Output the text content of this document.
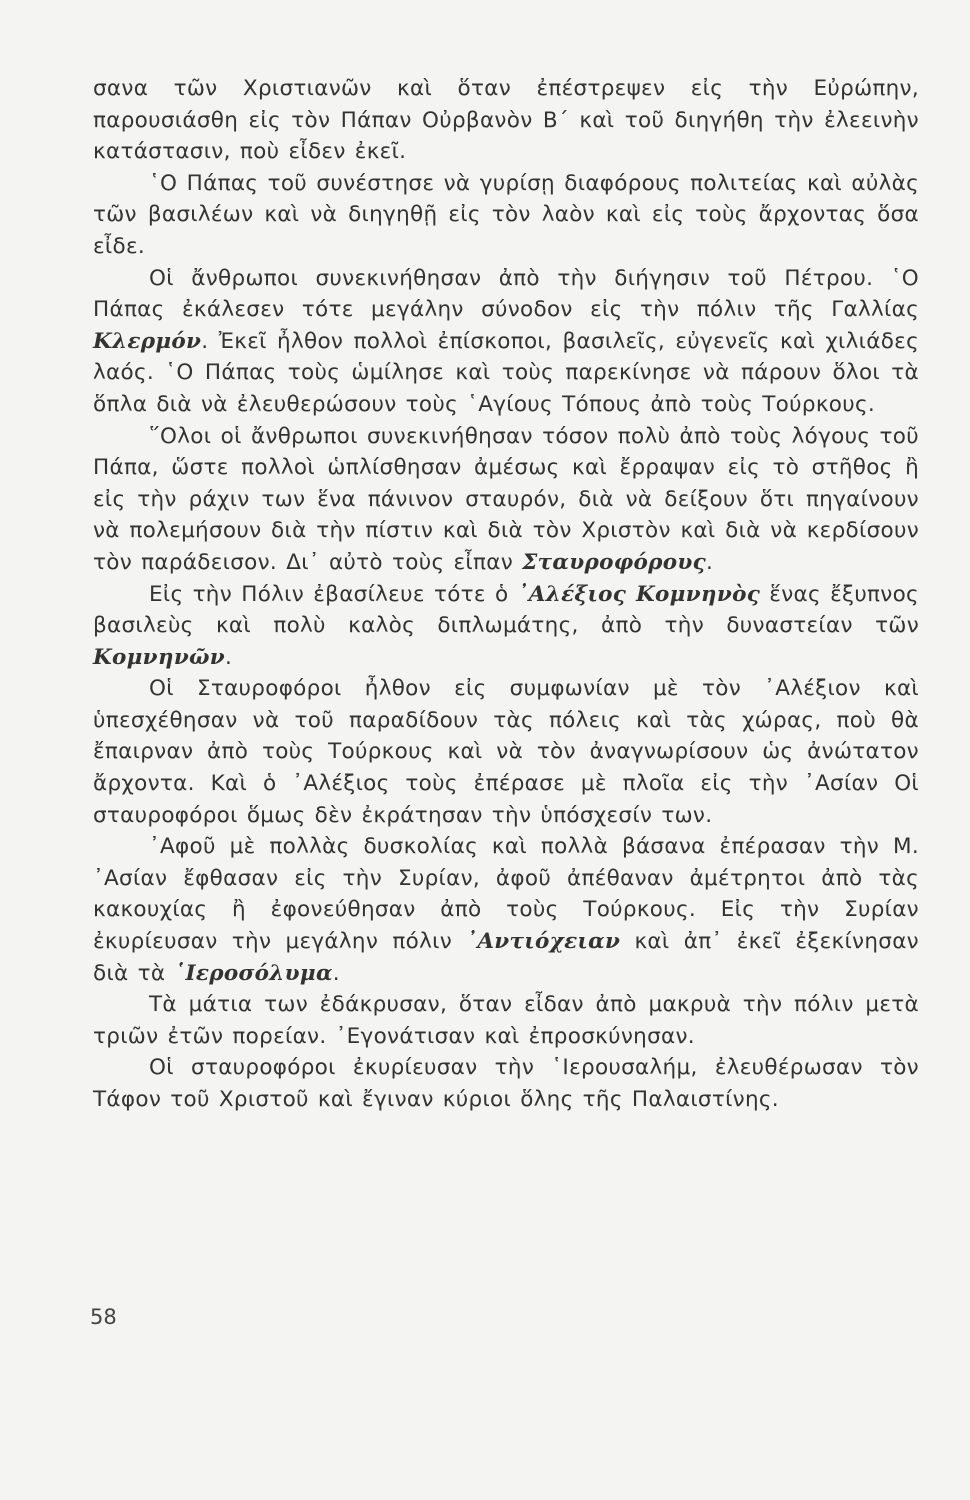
σανα τῶν Χριστιανῶν καὶ ὅταν ἐπέστρεψεν εἰς τὴν Εὐρώπην, παρουσιάσθη εἰς τὸν Πάπαν Οὐρβανὸν Β΄ καὶ τοῦ διηγήθη τὴν ἐλεεινὴν κατάστασιν, ποὺ εἶδεν ἐκεῖ.

῾Ο Πάπας τοῦ συνέστησε νὰ γυρίσῃ διαφόρους πολιτείας καὶ αὐλὰς τῶν βασιλέων καὶ νὰ διηγηθῇ εἰς τὸν λαὸν καὶ εἰς τοὺς ἄρχοντας ὅσα εἶδε.

Οἱ ἄνθρωποι συνεκινήθησαν ἀπὸ τὴν διήγησιν τοῦ Πέτρου. ῾Ο Πάπας ἐκάλεσεν τότε μεγάλην σύνοδον εἰς τὴν πόλιν τῆς Γαλλίας Κλερμόν. Ἐκεῖ ἦλθον πολλοὶ ἐπίσκοποι, βασιλεῖς, εὐγενεῖς καὶ χιλιάδες λαός. ῾Ο Πάπας τοὺς ὡμίλησε καὶ τοὺς παρεκίνησε νὰ πάρουν ὅλοι τὰ ὅπλα διὰ νὰ ἐλευθερώσουν τοὺς ῾Αγίους Τόπους ἀπὸ τοὺς Τούρκους.

῞Ολοι οἱ ἄνθρωποι συνεκινήθησαν τόσον πολὺ ἀπὸ τοὺς λόγους τοῦ Πάπα, ὥστε πολλοὶ ὡπλίσθησαν ἀμέσως καὶ ἔρραψαν εἰς τὸ στῆθος ἢ εἰς τὴν ράχιν των ἕνα πάνινον σταυρόν, διὰ νὰ δείξουν ὅτι πηγαίνουν νὰ πολεμήσουν διὰ τὴν πίστιν καὶ διὰ τὸν Χριστὸν καὶ διὰ νὰ κερδίσουν τὸν παράδεισον. Δι᾿ αὐτὸ τοὺς εἶπαν Σταυροφόρους.

Εἰς τὴν Πόλιν ἐβασίλευε τότε ὁ ᾿Αλέξιος Κομνηνὸς ἕνας ἔξυπνος βασιλεὺς καὶ πολὺ καλὸς διπλωμάτης, ἀπὸ τὴν δυναστείαν τῶν Κομνηνῶν.

Οἱ Σταυροφόροι ἦλθον εἰς συμφωνίαν μὲ τὸν ᾿Αλέξιον καὶ ὑπεσχέθησαν νὰ τοῦ παραδίδουν τὰς πόλεις καὶ τὰς χώρας, ποὺ θὰ ἔπαιρναν ἀπὸ τοὺς Τούρκους καὶ νὰ τὸν ἀναγνωρίσουν ὡς ἀνώτατον ἄρχοντα. Καὶ ὁ ᾿Αλέξιος τοὺς ἐπέρασε μὲ πλοῖα εἰς τὴν ᾿Ασίαν Οἱ σταυροφόροι ὅμως δὲν ἐκράτησαν τὴν ὑπόσχεσίν των.

᾿Αφοῦ μὲ πολλὰς δυσκολίας καὶ πολλὰ βάσανα ἐπέρασαν τὴν Μ. ᾿Ασίαν ἔφθασαν εἰς τὴν Συρίαν, ἀφοῦ ἀπέθαναν ἀμέτρητοι ἀπὸ τὰς κακουχίας ἢ ἐφονεύθησαν ἀπὸ τοὺς Τούρκους. Εἰς τὴν Συρίαν ἐκυρίευσαν τὴν μεγάλην πόλιν ᾿Αντιόχειαν καὶ ἀπ᾿ ἐκεῖ ἐξεκίνησαν διὰ τὰ ῾Ιεροσόλυμα.

Τὰ μάτια των ἐδάκρυσαν, ὅταν εἶδαν ἀπὸ μακρυὰ τὴν πόλιν μετὰ τριῶν ἐτῶν πορείαν. ᾿Εγονάτισαν καὶ ἐπροσκύνησαν.

Οἱ σταυροφόροι ἐκυρίευσαν τὴν ῾Ιερουσαλήμ, ἐλευθέρωσαν τὸν Τάφον τοῦ Χριστοῦ καὶ ἔγιναν κύριοι ὅλης τῆς Παλαιστίνης.

58
